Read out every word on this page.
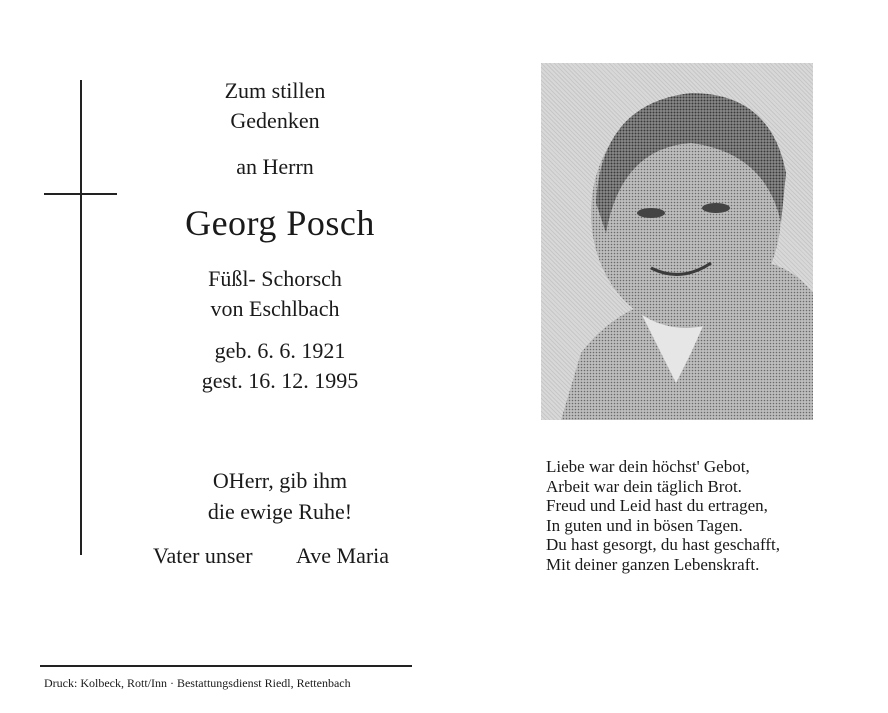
Zum stillen
Gedenken
an Herrn
Georg Posch
Füßl- Schorsch
von Eschlbach
geb. 6. 6. 1921
gest. 16. 12. 1995
OHerr, gib ihm
die ewige Ruhe!
Vater unser Ave Maria
Druck: Kolbeck, Rott/Inn · Bestattungsdienst Riedl, Rettenbach
Liebe war dein höchst' Gebot,
Arbeit war dein täglich Brot.
Freud und Leid hast du ertragen,
In guten und in bösen Tagen.
Du hast gesorgt, du hast geschafft,
Mit deiner ganzen Lebenskraft.
